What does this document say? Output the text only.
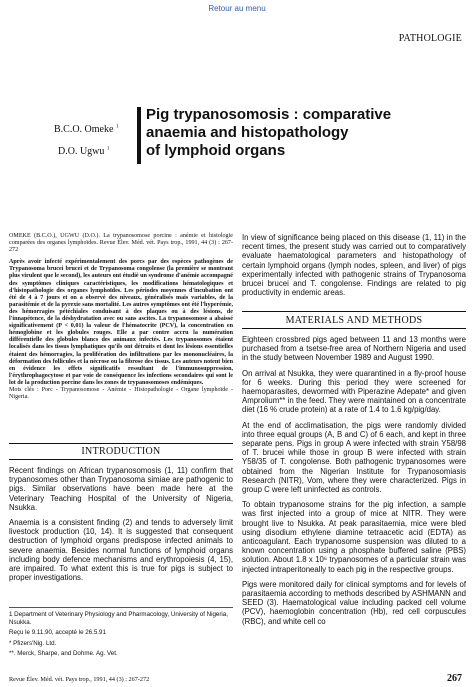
Retour au menu
PATHOLOGIE
B.C.O. Omeke $^1$
D.O. Ugwu $^1$
Pig trypanosomosis : comparative
anaemia and histopathology
of lymphoid organs

OMEKE (B.C.O.), UGWU (D.O.). La trypanosomose porcine : anémie et histologie comparées des organes lymphoïdes. Revue Élev. Méd. vét. Pays trop., 1991, 44 (3) : 267-272

Après avoir infecté expérimentalement des porcs par des espèces pathogènes de Trypanosoma brucei brucei et de Trypanosoma congolense (la première se montrant plus virulent que le second), les auteurs ont étudié un syndrome d'anémie accompagné des symptômes cliniques caractéristiques, les modifications hématologiques et d'histopathologie des organes lymphoïdes. Les périodes moyennes d'incubation ont été de 4 à 7 jours et on a observé des niveaux, généralisés mais variables, de la parasitémie et de la pyrexie sans mortalité. Les autres symptômes ont été l'hyperémie, des hémorragies pétéchiales conduisant à des plaques ou à des lésions, de l'innapétence, de la déshydratation avec ou sans ascites. La trypanosomose a abaissé significativement (P < 0,01) la valeur de l'hématocrite (PCV), la concentration en hémoglobine et les globules rouges. Elle a par contre accru la numération différentielle des globules blancs des animaux infectés. Les trypanosomes étaient localisés dans les tissus lymphatiques qu'ils ont détruits et dont les lésions essentielles étaient des hémorragies, la prolifération des infiltrations par les mononucléaires, la déformation des follicules et la nécrose ou la fibrose des tissus. Les auteurs notent bien en évidence les effets significatifs ressultant de l'immunosuppression, l'érythrophagocytose et par voie de conséquence les infections secondaires qui sont le lot de la production porcine dans les zones de trypanosomoses endémiques.

Mots clés : Porc - Trypanosomose - Anémie - Histopathologie - Organe lymphoïde - Nigeria.

INTRODUCTION

Recent findings on African trypanosomosis (1, 11) confirm that trypanosomes other than Trypanosoma simiae are pathogenic to pigs. Similar observations have been made here at the Veterinary Teaching Hospital of the University of Nigeria, Nsukka.

Anaemia is a consistent finding (2) and tends to adversely limit livestock production (10, 14). It is suggested that consequent destruction of lymphoid organs predispose infected animals to severe anaemia. Besides normal functions of lymphoid organs including body defence mechanisms and erythropoiesis (4, 15), are impaired. To what extent this is true for pigs is subject to proper investigations.

1 Department of Veterinary Physiology and Pharmacology, University of Nigeria, Nsukka.

Reçu le 9.11.90, accepté le 26.5.91

* Pfizers'Nig. Ltd.

**. Merck, Sharpe, and Dohme. Ag. Vet.

In view of significance being placed on this disease (1, 11) in the recent times, the present study was carried out to comparatively evaluate haematological parameters and histopathology of certain lymphoid organs (lymph nodes, spleen, and liver) of pigs experimentally infected with pathogenic strains of Trypanosoma brucei brucei and T. congolense. Findings are related to pig productivity in endemic areas.
MATERIALS AND METHODS

Eighteen crossbred pigs aged between 11 and 13 months were purchased from a tsetse-free area of Northern Nigeria and used in the study between November 1989 and August 1990.

On arrival at Nsukka, they were quarantined in a fly-proof house for 6 weeks. During this period they were screened for haemoparasites, dewormed with Piperazine Adepate* and given Amprolium** in the feed. They were maintained on a concentrate diet (16 % crude protein) at a rate of 1.4 to 1.6 kg/pig/day.

At the end of acclimatisation, the pigs were randomly divided into three equal groups (A, B and C) of 6 each, and kept in three separate pens. Pigs in group A were infected with strain Y58/98 of T. brucei while those in group B were infected with strain Y58/35 of T. congolense. Both pathogenic trypanosomes were obtained from the Nigerian Institute for Trypanosomiasis Research (NITR), Vom, where they were characterized. Pigs in group C were left uninfected as controls.

To obtain trypanosome strains for the pig infection, a sample was first injected into a group of mice at NITR. They were brought live to Nsukka. At peak parasitaemia, mice were bled using disodium ethylene diamine tetraacetic acid (EDTA) as anticoagulant. Each trypanosome suspension was diluted to a known concentration using a phosphate buffered saline (PBS) solution. About 1.8 x 10⁶ trypanosomes of a particular strain was injected intraperitoneally to each pig in the respective groups.

Pigs were monitored daily for clinical symptoms and for levels of parasitaemia according to methods described by ASHMANN and SEED (3). Haematological value including packed cell volume (PCV), haemoglobin concentration (Hb), red cell corpuscules (RBC), and white cell co

Revue Élev. Méd. vét. Pays trop., 1991, 44 (3) : 267-272	267
